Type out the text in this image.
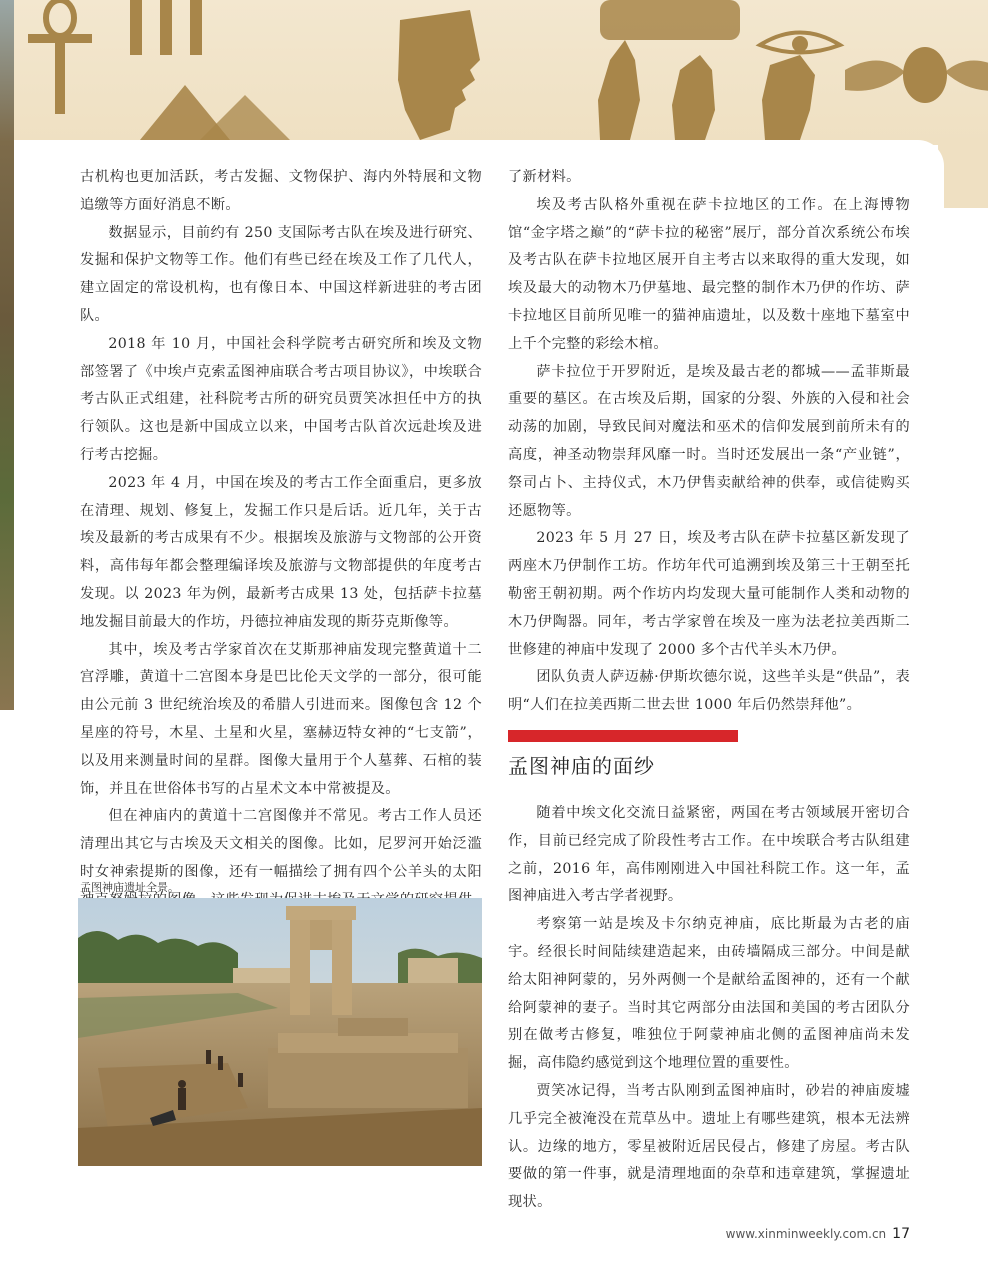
古机构也更加活跃，考古发掘、文物保护、海内外特展和文物追缴等方面好消息不断。

数据显示，目前约有 250 支国际考古队在埃及进行研究、发掘和保护文物等工作。他们有些已经在埃及工作了几代人，建立固定的常设机构，也有像日本、中国这样新进驻的考古团队。

2018 年 10 月，中国社会科学院考古研究所和埃及文物部签署了《中埃卢克索孟图神庙联合考古项目协议》，中埃联合考古队正式组建，社科院考古所的研究员贾笑冰担任中方的执行领队。这也是新中国成立以来，中国考古队首次远赴埃及进行考古挖掘。

2023 年 4 月，中国在埃及的考古工作全面重启，更多放在清理、规划、修复上，发掘工作只是后话。近几年，关于古埃及最新的考古成果有不少。根据埃及旅游与文物部的公开资料，高伟每年都会整理编译埃及旅游与文物部提供的年度考古发现。以 2023 年为例，最新考古成果 13 处，包括萨卡拉墓地发掘目前最大的作坊，丹德拉神庙发现的斯芬克斯像等。

其中，埃及考古学家首次在艾斯那神庙发现完整黄道十二宫浮雕，黄道十二宫图本身是巴比伦天文学的一部分，很可能由公元前 3 世纪统治埃及的希腊人引进而来。图像包含 12 个星座的符号，木星、土星和火星，塞赫迈特女神的“七支箭”，以及用来测量时间的星群。图像大量用于个人墓葬、石棺的装饰，并且在世俗体书写的占星术文本中常被提及。

但在神庙内的黄道十二宫图像并不常见。考古工作人员还清理出其它与古埃及天文相关的图像。比如，尼罗河开始泛滥时女神索提斯的图像，还有一幅描绘了拥有四个公羊头的太阳

了新材料。

埃及考古队格外重视在萨卡拉地区的工作。在上海博物馆“金字塔之巅”的“萨卡拉的秘密”展厅，部分首次系统公布埃及考古队在萨卡拉地区展开自主考古以来取得的重大发现，如埃及最大的动物木乃伊墓地、最完整的制作木乃伊的作坊、萨卡拉地区目前所见唯一的猫神庙遗址，以及数十座地下墓室中上千个完整的彩绘木棺。

萨卡拉位于开罗附近，是埃及最古老的都城——孟菲斯最重要的墓区。在古埃及后期，国家的分裂、外族的入侵和社会动荡的加剧，导致民间对魔法和巫术的信仰发展到前所未有的高度，神圣动物崇拜风靡一时。当时还发展出一条“产业链”，祭司占卜、主持仪式，木乃伊售卖献给神的供奉，或信徒购买还愿物等。

2023 年 5 月 27 日，埃及考古队在萨卡拉墓区新发现了两座木乃伊制作工坊。作坊年代可追溯到埃及第三十王朝至托勒密王朝初期。两个作坊内均发现大量可能制作人类和动物的木乃伊陶器。同年，考古学家曾在埃及一座为法老拉美西斯二世修建的神庙中发现了 2000 多个古代羊头木乃伊。

团队负责人萨迈赫·伊斯坎德尔说，这些羊头是“供品”，表明“人们在拉美西斯二世去世 1000 年后仍然崇拜他”。

孟图神庙的面纱

随着中埃文化交流日益紧密，两国在考古领域展开密切合作，目前已经完成了阶段性考古工作。在中埃联合考古队组建之前，2016 年，高伟刚刚进入中国社科院工作。这一年，孟图神庙进入考古学者视野。

考察第一站是埃及卡尔纳克神庙，底比斯最为古老的庙宇。经很长时间陆续建造起来，由砖墙隔成三部分。中间是献给太阳神阿蒙的，另外两侧一个是献给孟图神的，还有一个献给阿蒙神的妻子。当时其它两部分由法国和美国的考古团队分别在做考古修复，唯独位于阿蒙神庙北侧的孟图神庙尚未发掘，高伟隐约感觉到这个地理位置的重要性。

贾笑冰记得，当考古队刚到孟图神庙时，砂岩的神庙废墟几乎完全被淹没在荒草丛中。遗址上有哪些建筑，根本无法辨认。边缘的地方，零星被附近居民侵占，修建了房屋。考古队要做的第一件事，就是清理地面的杂草和违章建筑，掌握遗址现状。

孟图神庙遗址全景。
www.xinminweekly.com.cn 17
